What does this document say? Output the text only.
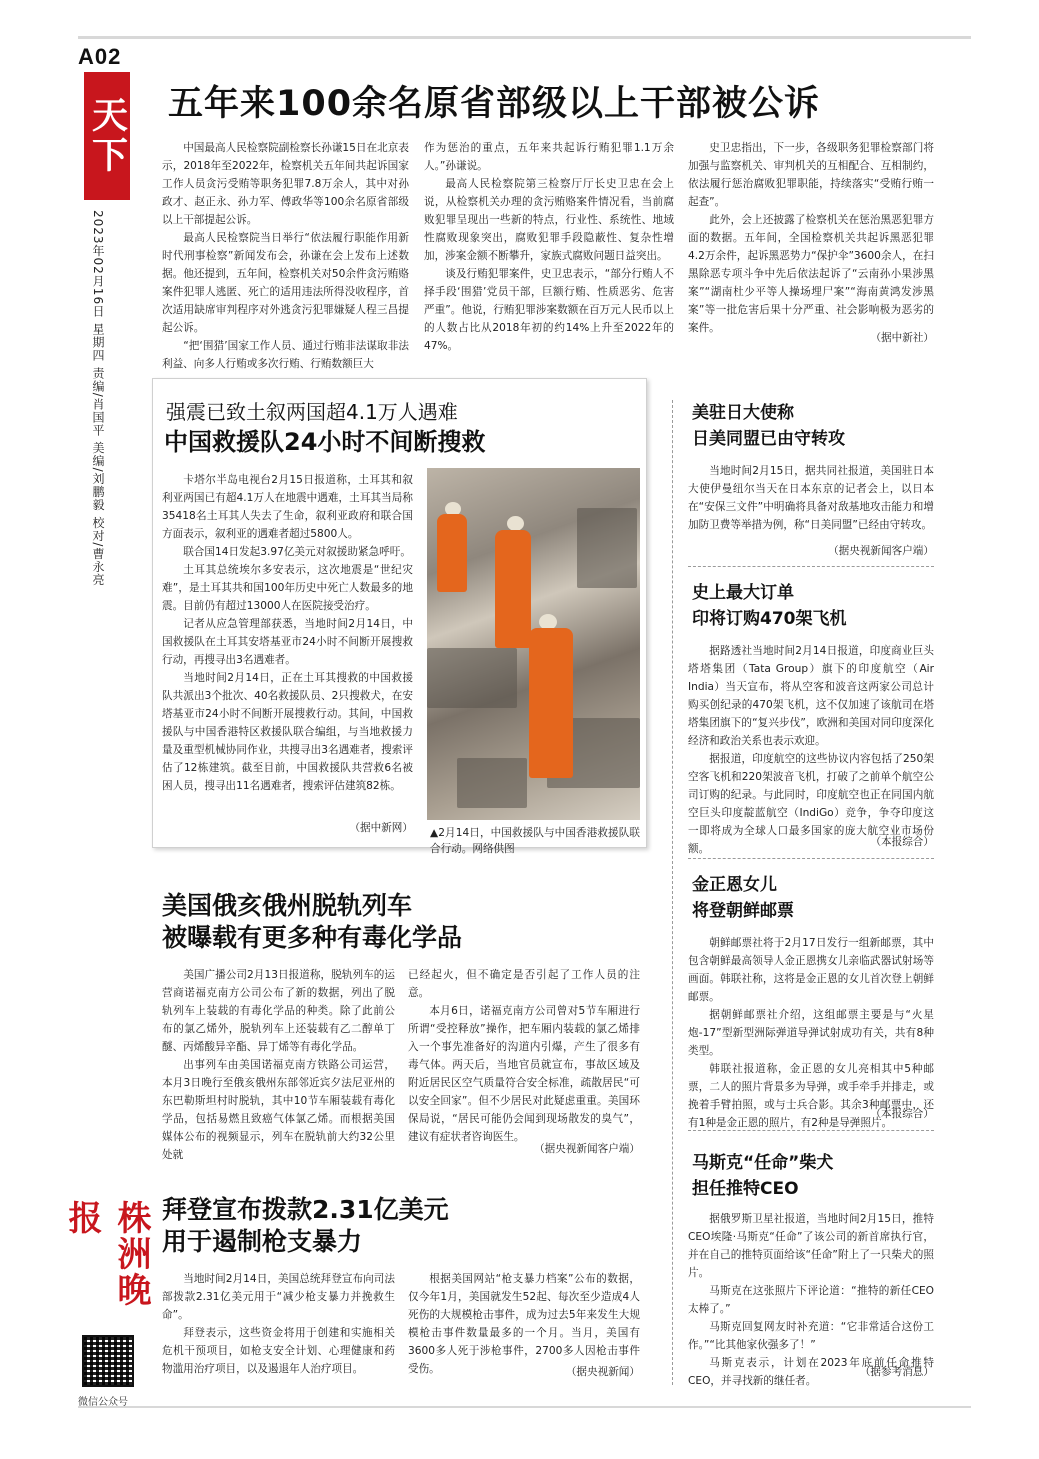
A02
天下
2023年02月16日 星期四 责编/肖国平 美编/刘鹏毅 校对/曹永亮
株洲晚报
微信公众号
五年来100余名原省部级以上干部被公诉

中国最高人民检察院副检察长孙谦15日在北京表示，2018年至2022年，检察机关五年间共起诉国家工作人员贪污受贿等职务犯罪7.8万余人，其中对孙政才、赵正永、孙力军、傅政华等100余名原省部级以上干部提起公诉。

最高人民检察院当日举行“依法履行职能作用新时代刑事检察”新闻发布会，孙谦在会上发布上述数据。他还提到，五年间，检察机关对50余件贪污贿赂案件犯罪人逃匿、死亡的适用违法所得没收程序，首次适用缺席审判程序对外逃贪污犯罪嫌疑人程三昌提起公诉。

“把‘围猎’国家工作人员、通过行贿非法谋取非法利益、向多人行贿或多次行贿、行贿数额巨大

作为惩治的重点，五年来共起诉行贿犯罪1.1万余人。”孙谦说。

最高人民检察院第三检察厅厅长史卫忠在会上说，从检察机关办理的贪污贿赂案件情况看，当前腐败犯罪呈现出一些新的特点，行业性、系统性、地域性腐败现象突出，腐败犯罪手段隐蔽性、复杂性增加，涉案金额不断攀升，家族式腐败问题日益突出。

谈及行贿犯罪案件，史卫忠表示，“部分行贿人不择手段‘围猎’党员干部，巨额行贿、性质恶劣、危害严重”。他说，行贿犯罪涉案数额在百万元人民币以上的人数占比从2018年初的约14%上升至2022年的47%。

史卫忠指出，下一步，各级职务犯罪检察部门将加强与监察机关、审判机关的互相配合、互相制约，依法履行惩治腐败犯罪职能，持续落实“受贿行贿一起查”。

此外，会上还披露了检察机关在惩治黑恶犯罪方面的数据。五年间，全国检察机关共起诉黑恶犯罪4.2万余件，起诉黑恶势力“保护伞”3600余人，在扫黑除恶专项斗争中先后依法起诉了“云南孙小果涉黑案”“湖南杜少平等人操场埋尸案”“海南黄鸿发涉黑案”等一批危害后果十分严重、社会影响极为恶劣的案件。

（据中新社）
强震已致土叙两国超4.1万人遇难
中国救援队24小时不间断搜救

卡塔尔半岛电视台2月15日报道称，土耳其和叙利亚两国已有超4.1万人在地震中遇难，土耳其当局称35418名土耳其人失去了生命，叙利亚政府和联合国方面表示，叙利亚的遇难者超过5800人。

联合国14日发起3.97亿美元对叙援助紧急呼吁。

土耳其总统埃尔多安表示，这次地震是“世纪灾难”，是土耳其共和国100年历史中死亡人数最多的地震。目前仍有超过13000人在医院接受治疗。

记者从应急管理部获悉，当地时间2月14日，中国救援队在土耳其安塔基亚市24小时不间断开展搜救行动，再搜寻出3名遇难者。

当地时间2月14日，正在土耳其搜救的中国救援队共派出3个批次、40名救援队员、2只搜救犬，在安塔基亚市24小时不间断开展搜救行动。其间，中国救援队与中国香港特区救援队联合编组，与当地救援力量及重型机械协同作业，共搜寻出3名遇难者，搜索评估了12栋建筑。截至目前，中国救援队共营救6名被困人员，搜寻出11名遇难者，搜索评估建筑82栋。

（据中新网） ▲2月14日，中国救援队与中国香港救援队联合行动。网络供图
美国俄亥俄州脱轨列车
被曝载有更多种有毒化学品

美国广播公司2月13日报道称，脱轨列车的运营商诺福克南方公司公布了新的数据，列出了脱轨列车上装载的有毒化学品的种类。除了此前公布的氯乙烯外，脱轨列车上还装载有乙二醇单丁醚、丙烯酸异辛酯、异丁烯等有毒化学品。

出事列车由美国诺福克南方铁路公司运营，本月3日晚行至俄亥俄州东部邻近宾夕法尼亚州的东巴勒斯坦村时脱轨，其中10节车厢装载有毒化学品，包括易燃且致癌气体氯乙烯。而根据美国媒体公布的视频显示，列车在脱轨前大约32公里处就

已经起火，但不确定是否引起了工作人员的注意。

本月6日，诺福克南方公司曾对5节车厢进行所谓“受控释放”操作，把车厢内装载的氯乙烯排入一个事先准备好的沟道内引爆，产生了很多有毒气体。两天后，当地官员就宣布，事故区域及附近居民区空气质量符合安全标准，疏散居民“可以安全回家”。但不少居民对此疑虑重重。美国环保局说，“居民可能仍会闻到现场散发的臭气”，建议有症状者咨询医生。

（据央视新闻客户端）
拜登宣布拨款2.31亿美元
用于遏制枪支暴力

当地时间2月14日，美国总统拜登宣布向司法部拨款2.31亿美元用于“减少枪支暴力并挽救生命”。

拜登表示，这些资金将用于创建和实施相关危机干预项目，如枪支安全计划、心理健康和药物滥用治疗项目，以及遏退年人治疗项目。

根据美国网站“枪支暴力档案”公布的数据，仅今年1月，美国就发生52起、每次至少造成4人死伤的大规模枪击事件，成为过去5年来发生大规模枪击事件数量最多的一个月。当月，美国有3600多人死于涉枪事件，2700多人因枪击事件受伤。	（据央视新闻）
美驻日大使称
日美同盟已由守转攻

当地时间2月15日，据共同社报道，美国驻日本大使伊曼纽尔当天在日本东京的记者会上，以日本在“安保三文件”中明确将具备对敌基地攻击能力和增加防卫费等举措为例，称“日美同盟”已经由守转攻。

（据央视新闻客户端）
史上最大订单
印将订购470架飞机

据路透社当地时间2月14日报道，印度商业巨头塔塔集团（Tata Group）旗下的印度航空（Air India）当天宣布，将从空客和波音这两家公司总计购买创纪录的470架飞机，这不仅加速了该航司在塔塔集团旗下的“复兴步伐”，欧洲和美国对同印度深化经济和政治关系也表示欢迎。

据报道，印度航空的这些协议内容包括了250架空客飞机和220架波音飞机，打破了之前单个航空公司订购的纪录。与此同时，印度航空也正在同国内航空巨头印度靛蓝航空（IndiGo）竞争，争夺印度这一即将成为全球人口最多国家的庞大航空业市场份额。

（本报综合）
金正恩女儿
将登朝鲜邮票

朝鲜邮票社将于2月17日发行一组新邮票，其中包含朝鲜最高领导人金正恩携女儿亲临武器试射场等画面。韩联社称，这将是金正恩的女儿首次登上朝鲜邮票。

据朝鲜邮票社介绍，这组邮票主要是与“火星炮-17”型新型洲际弹道导弹试射成功有关，共有8种类型。

韩联社报道称，金正恩的女儿亮相其中5种邮票，二人的照片背景多为导弹，或手牵手并排走，或挽着手臂拍照，或与士兵合影。其余3种邮票中，还有1种是金正恩的照片，有2种是导弹照片。

（本报综合）
马斯克“任命”柴犬
担任推特CEO

据俄罗斯卫星社报道，当地时间2月15日，推特CEO埃隆·马斯克“任命”了该公司的新首席执行官，并在自己的推特页面给该“任命”附上了一只柴犬的照片。

马斯克在这张照片下评论道：“推特的新任CEO太棒了。”

马斯克回复网友时补充道：“它非常适合这份工作。”“比其他家伙强多了！”

马斯克表示，计划在2023年底前任命推特CEO，并寻找新的继任者。

（据参考消息）
